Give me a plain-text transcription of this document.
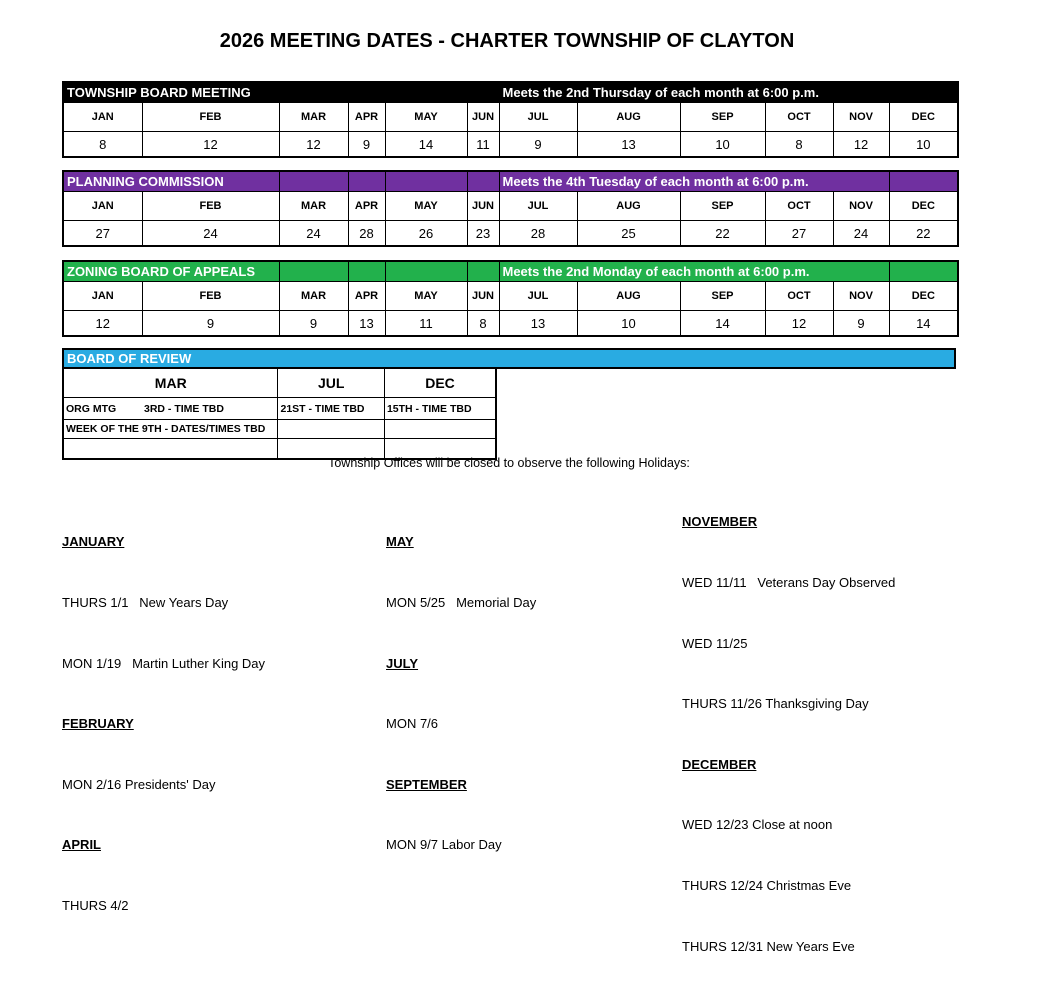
2026 MEETING DATES - CHARTER TOWNSHIP OF CLAYTON
TOWNSHIP BOARD MEETING						Meets the 2nd Thursday of each month at 6:00 p.m.					
JAN	FEB	MAR	APR	MAY	JUN	JUL	AUG	SEP	OCT	NOV	DEC
8	12	12	9	14	11	9	13	10	8	12	10
PLANNING COMMISSION						Meets the 4th Tuesday of each month at 6:00 p.m.					
JAN	FEB	MAR	APR	MAY	JUN	JUL	AUG	SEP	OCT	NOV	DEC
27	24	24	28	26	23	28	25	22	27	24	22
ZONING BOARD OF APPEALS						Meets the 2nd Monday of each month at 6:00 p.m.					
JAN	FEB	MAR	APR	MAY	JUN	JUL	AUG	SEP	OCT	NOV	DEC
12	9	9	13	11	8	13	10	14	12	9	14
BOARD OF REVIEW
MAR	JUL	DEC
ORG MTG 3RD - TIME TBD	21ST - TIME TBD	15TH - TIME TBD
WEEK OF THE 9TH - DATES/TIMES TBD		

Township Offices will be closed to observe the following Holidays:

JANUARY

THURS 1/1   New Years Day

MON 1/19   Martin Luther King Day

FEBRUARY

MON 2/16 Presidents' Day

APRIL

THURS 4/2

MAY

MON 5/25   Memorial Day

JULY

MON 7/6

SEPTEMBER

MON 9/7 Labor Day

NOVEMBER

WED 11/11   Veterans Day Observed

WED 11/25

THURS 11/26 Thanksgiving Day

DECEMBER

WED 12/23 Close at noon

THURS 12/24 Christmas Eve

THURS 12/31 New Years Eve
